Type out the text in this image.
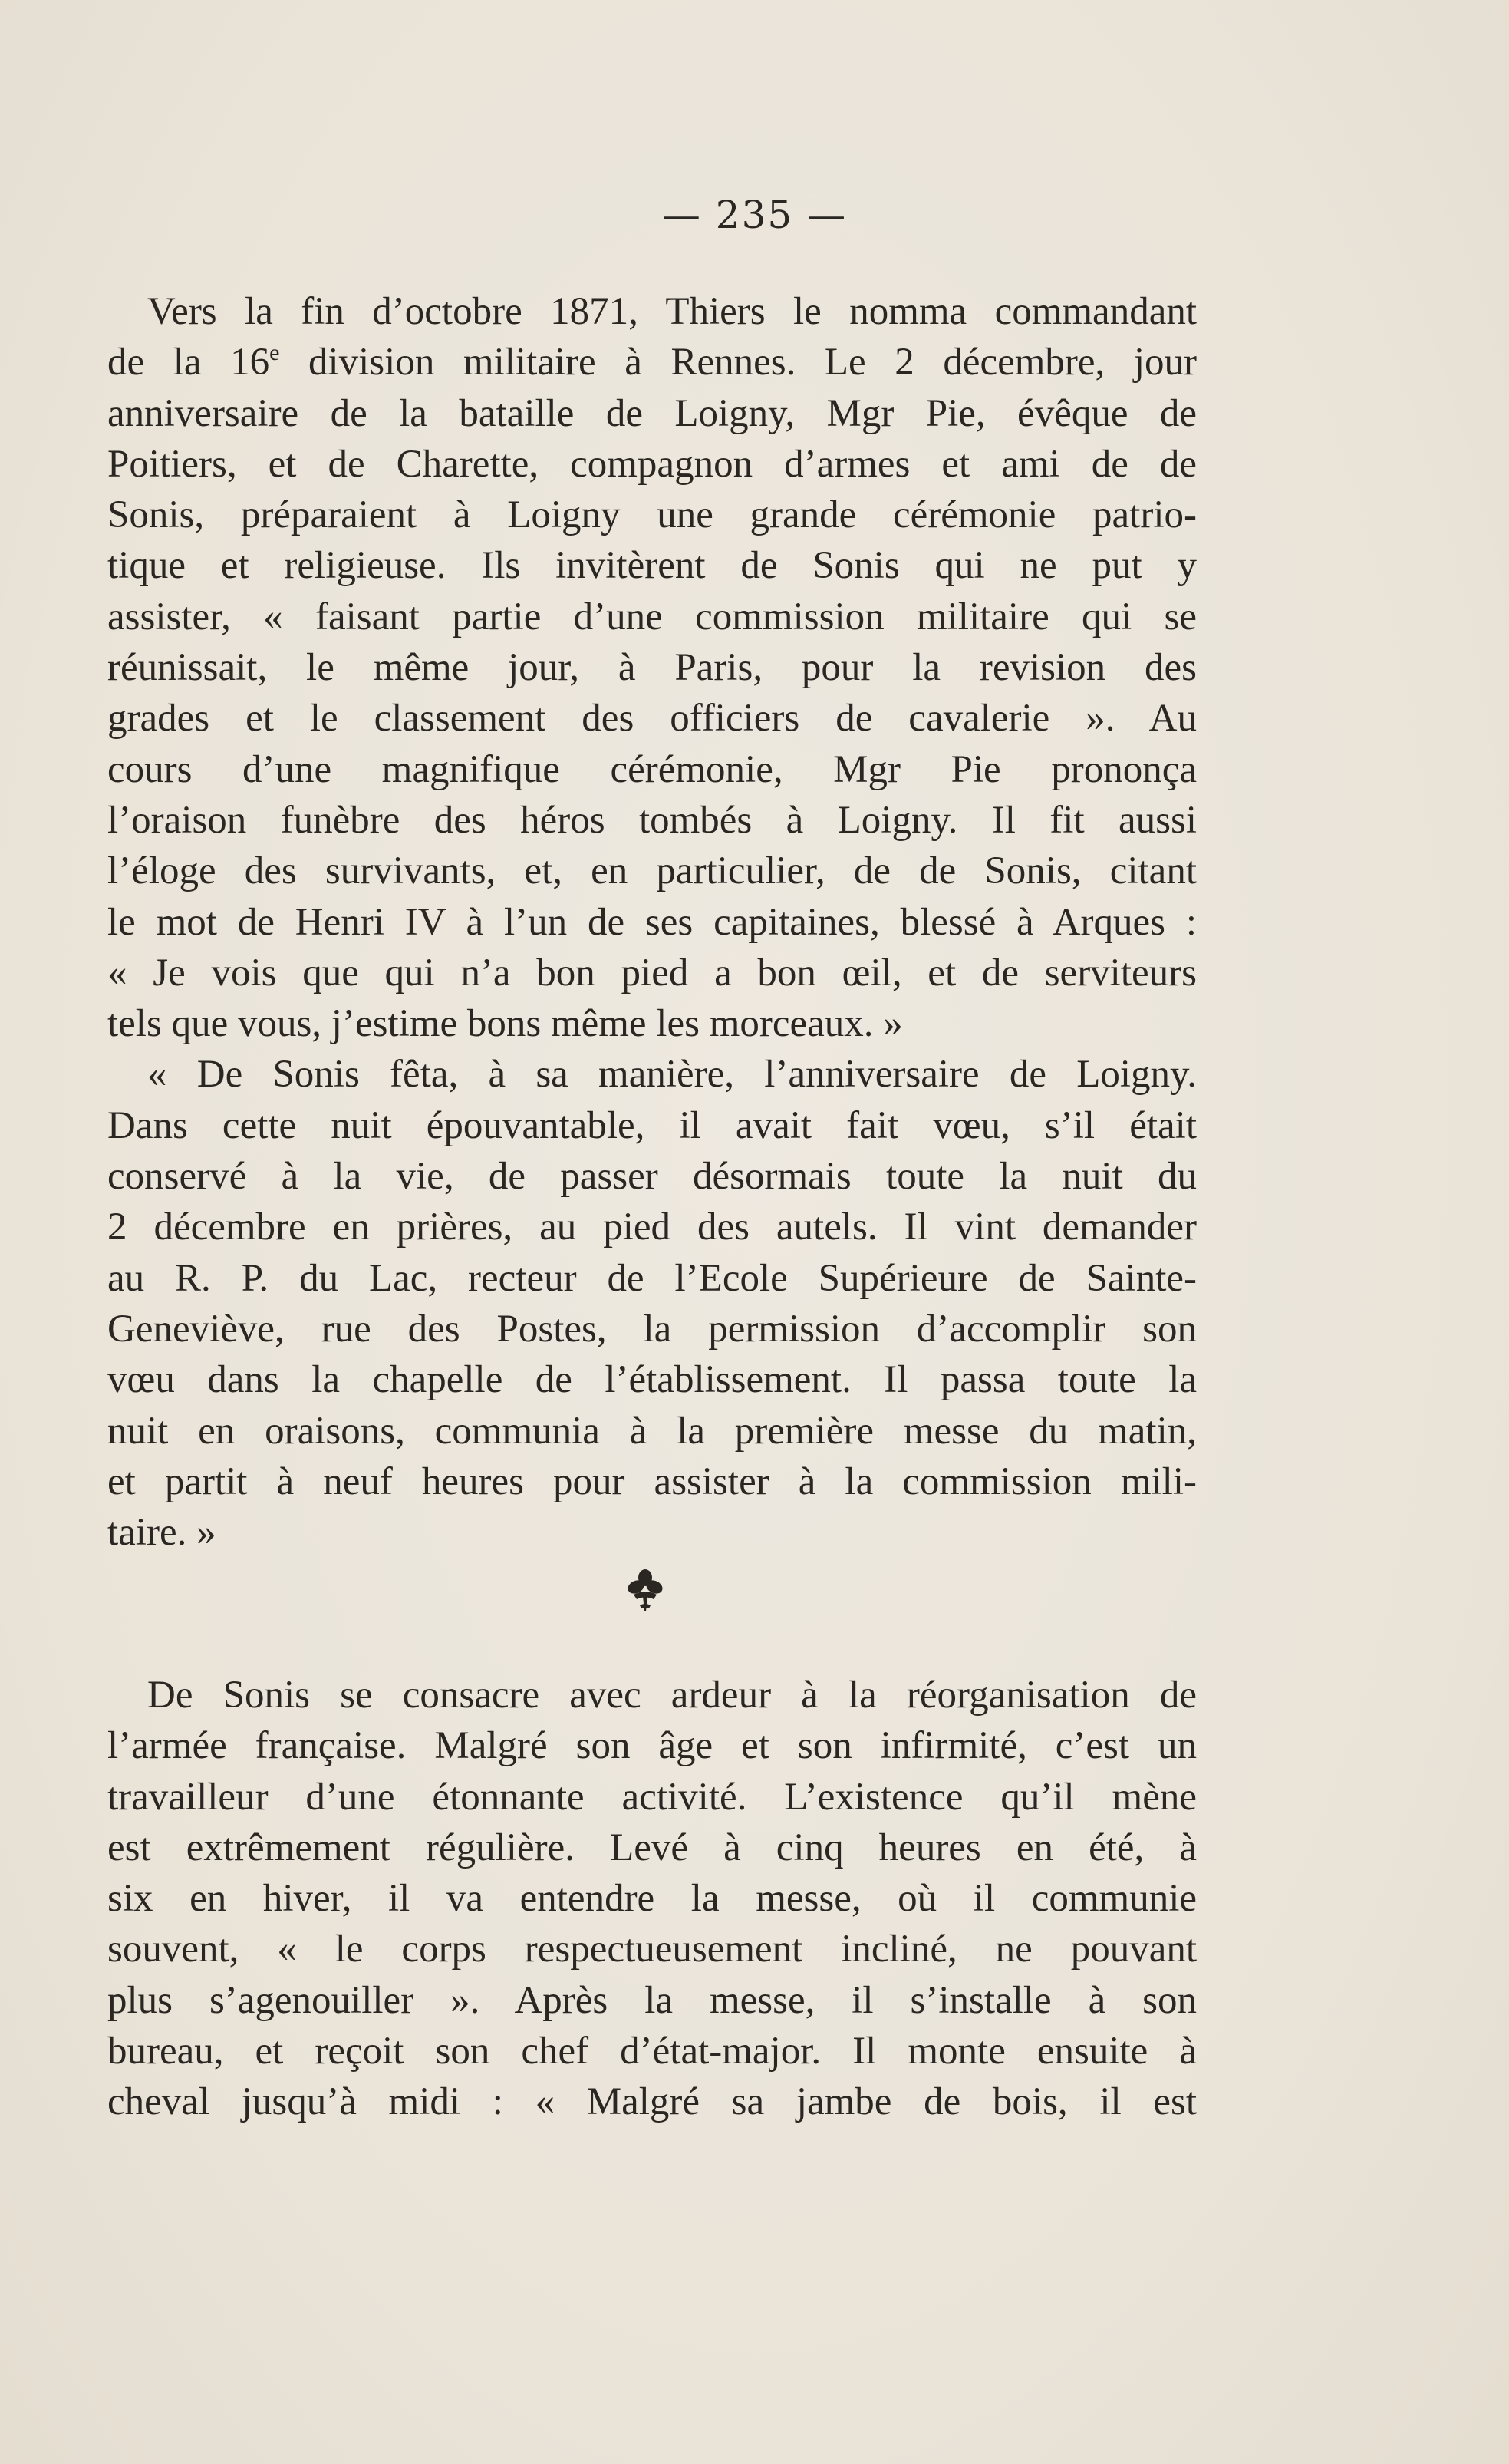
— 235 —

Vers la fin d’octobre 1871, Thiers le nomma commandant
de la 16e division militaire à Rennes. Le 2 décembre, jour
anniversaire de la bataille de Loigny, Mgr Pie, évêque de
Poitiers, et de Charette, compagnon d’armes et ami de de
Sonis, préparaient à Loigny une grande cérémonie patrio-
tique et religieuse. Ils invitèrent de Sonis qui ne put y
assister, « faisant partie d’une commission militaire qui se
réunissait, le même jour, à Paris, pour la revision des
grades et le classement des officiers de cavalerie ». Au
cours d’une magnifique cérémonie, Mgr Pie prononça
l’oraison funèbre des héros tombés à Loigny. Il fit aussi
l’éloge des survivants, et, en particulier, de de Sonis, citant
le mot de Henri IV à l’un de ses capitaines, blessé à Arques :
« Je vois que qui n’a bon pied a bon œil, et de serviteurs
tels que vous, j’estime bons même les morceaux. »

« De Sonis fêta, à sa manière, l’anniversaire de Loigny.
Dans cette nuit épouvantable, il avait fait vœu, s’il était
conservé à la vie, de passer désormais toute la nuit du
2 décembre en prières, au pied des autels. Il vint demander
au R. P. du Lac, recteur de l’Ecole Supérieure de Sainte-
Geneviève, rue des Postes, la permission d’accomplir son
vœu dans la chapelle de l’établissement. Il passa toute la
nuit en oraisons, communia à la première messe du matin,
et partit à neuf heures pour assister à la commission mili-
taire. »

De Sonis se consacre avec ardeur à la réorganisation de
l’armée française. Malgré son âge et son infirmité, c’est un
travailleur d’une étonnante activité. L’existence qu’il mène
est extrêmement régulière. Levé à cinq heures en été, à
six en hiver, il va entendre la messe, où il communie
souvent, « le corps respectueusement incliné, ne pouvant
plus s’agenouiller ». Après la messe, il s’installe à son
bureau, et reçoit son chef d’état-major. Il monte ensuite à
cheval jusqu’à midi : « Malgré sa jambe de bois, il est
